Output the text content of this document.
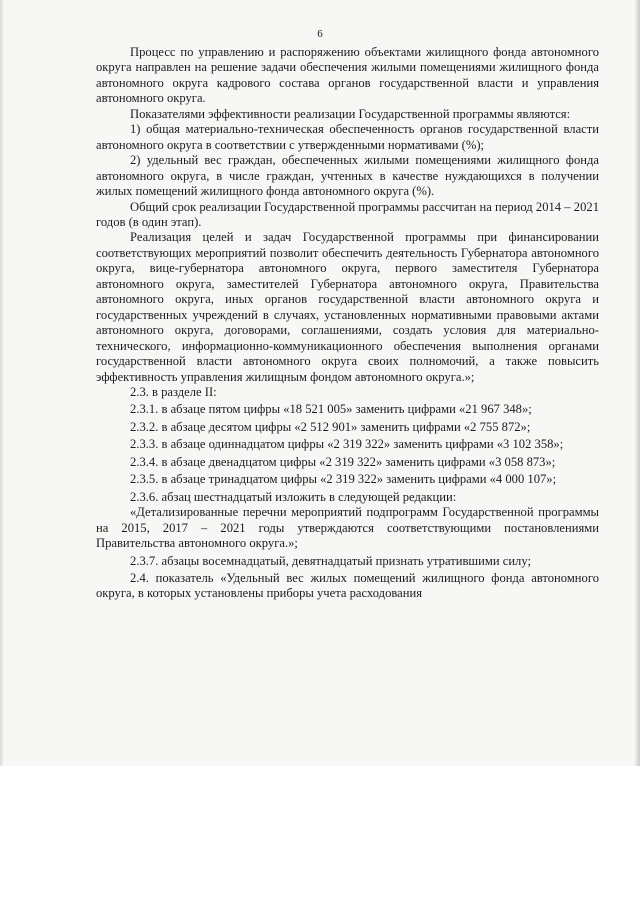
6

Процесс по управлению и распоряжению объектами жилищного фонда автономного округа направлен на решение задачи обеспечения жилыми помещениями жилищного фонда автономного округа кадрового состава органов государственной власти и управления автономного округа.

Показателями эффективности реализации Государственной программы являются:

1) общая материально-техническая обеспеченность органов государственной власти автономного округа в соответствии с утвержденными нормативами (%);

2) удельный вес граждан, обеспеченных жилыми помещениями жилищного фонда автономного округа, в числе граждан, учтенных в качестве нуждающихся в получении жилых помещений жилищного фонда автономного округа (%).

Общий срок реализации Государственной программы рассчитан на период 2014 – 2021 годов (в один этап).

Реализация целей и задач Государственной программы при финансировании соответствующих мероприятий позволит обеспечить деятельность Губернатора автономного округа, вице-губернатора автономного округа, первого заместителя Губернатора автономного округа, заместителей Губернатора автономного округа, Правительства автономного округа, иных органов государственной власти автономного округа и государственных учреждений в случаях, установленных нормативными правовыми актами автономного округа, договорами, соглашениями, создать условия для материально-технического, информационно-коммуникационного обеспечения выполнения органами государственной власти автономного округа своих полномочий, а также повысить эффективность управления жилищным фондом автономного округа.»;

2.3. в разделе II:

2.3.1. в абзаце пятом цифры «18 521 005» заменить цифрами «21 967 348»;

2.3.2. в абзаце десятом цифры «2 512 901» заменить цифрами «2 755 872»;

2.3.3. в абзаце одиннадцатом цифры «2 319 322» заменить цифрами «3 102 358»;

2.3.4. в абзаце двенадцатом цифры «2 319 322» заменить цифрами «3 058 873»;

2.3.5. в абзаце тринадцатом цифры «2 319 322» заменить цифрами «4 000 107»;

2.3.6. абзац шестнадцатый изложить в следующей редакции:

«Детализированные перечни мероприятий подпрограмм Государственной программы на 2015, 2017 – 2021 годы утверждаются соответствующими постановлениями Правительства автономного округа.»;

2.3.7. абзацы восемнадцатый, девятнадцатый признать утратившими силу;

2.4. показатель «Удельный вес жилых помещений жилищного фонда автономного округа, в которых установлены приборы учета расходования
